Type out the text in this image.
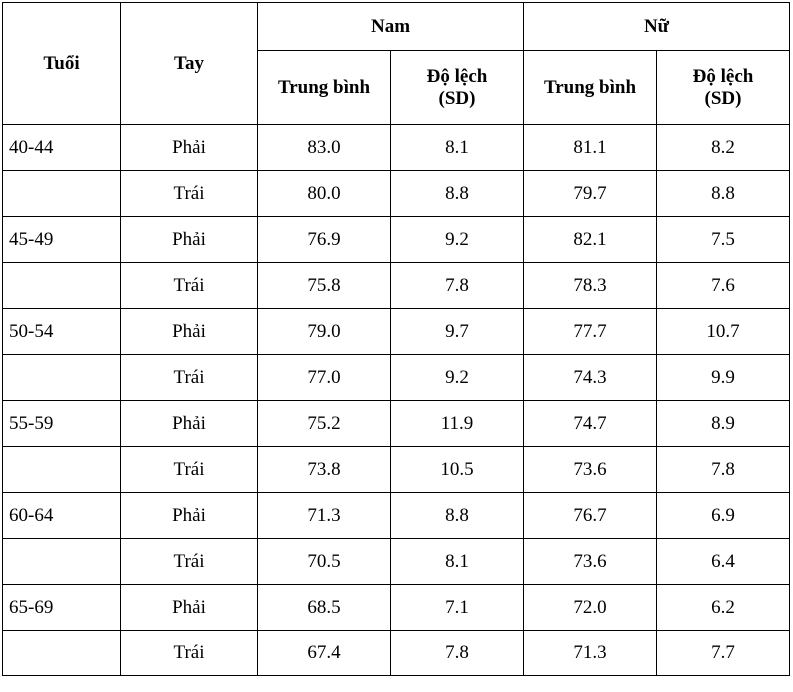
Tuổi	Tay	Nam		Nữ	
		Trung bình	Độ lệch (SD)	Trung bình	Độ lệch (SD)
40-44	Phải	83.0	8.1	81.1	8.2
	Trái	80.0	8.8	79.7	8.8
45-49	Phải	76.9	9.2	82.1	7.5
	Trái	75.8	7.8	78.3	7.6
50-54	Phải	79.0	9.7	77.7	10.7
	Trái	77.0	9.2	74.3	9.9
55-59	Phải	75.2	11.9	74.7	8.9
	Trái	73.8	10.5	73.6	7.8
60-64	Phải	71.3	8.8	76.7	6.9
	Trái	70.5	8.1	73.6	6.4
65-69	Phải	68.5	7.1	72.0	6.2
	Trái	67.4	7.8	71.3	7.7
